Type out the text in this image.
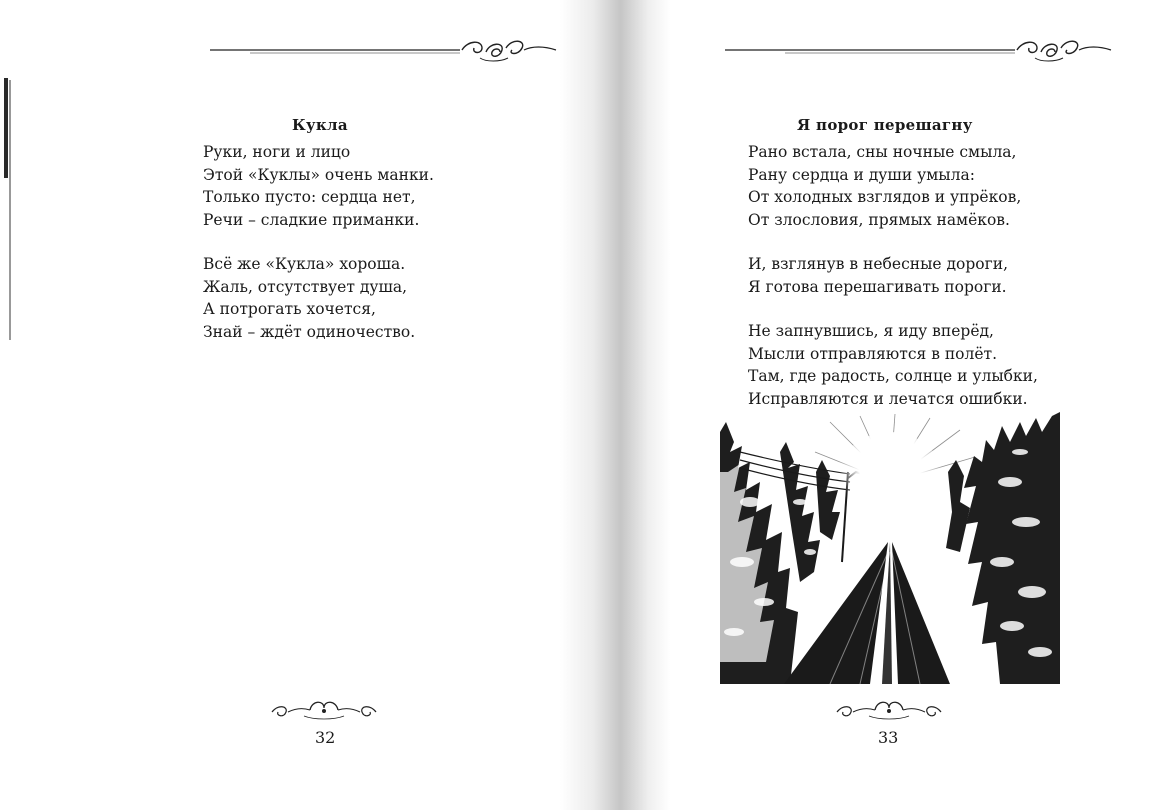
Кукла
Руки, ноги и лицо
Этой «Куклы» очень манки.
Только пусто: сердца нет,
Речи – сладкие приманки.
Всё же «Кукла» хороша.
Жаль, отсутствует душа,
А потрогать хочется,
Знай – ждёт одиночество.
32
Я порог перешагну
Рано встала, сны ночные смыла,
Рану сердца и души умыла:
От холодных взглядов и упрёков,
От злословия, прямых намёков.
И, взглянув в небесные дороги,
Я готова перешагивать пороги.
Не запнувшись, я иду вперёд,
Мысли отправляются в полёт.
Там, где радость, солнце и улыбки,
Исправляются и лечатся ошибки.
33
